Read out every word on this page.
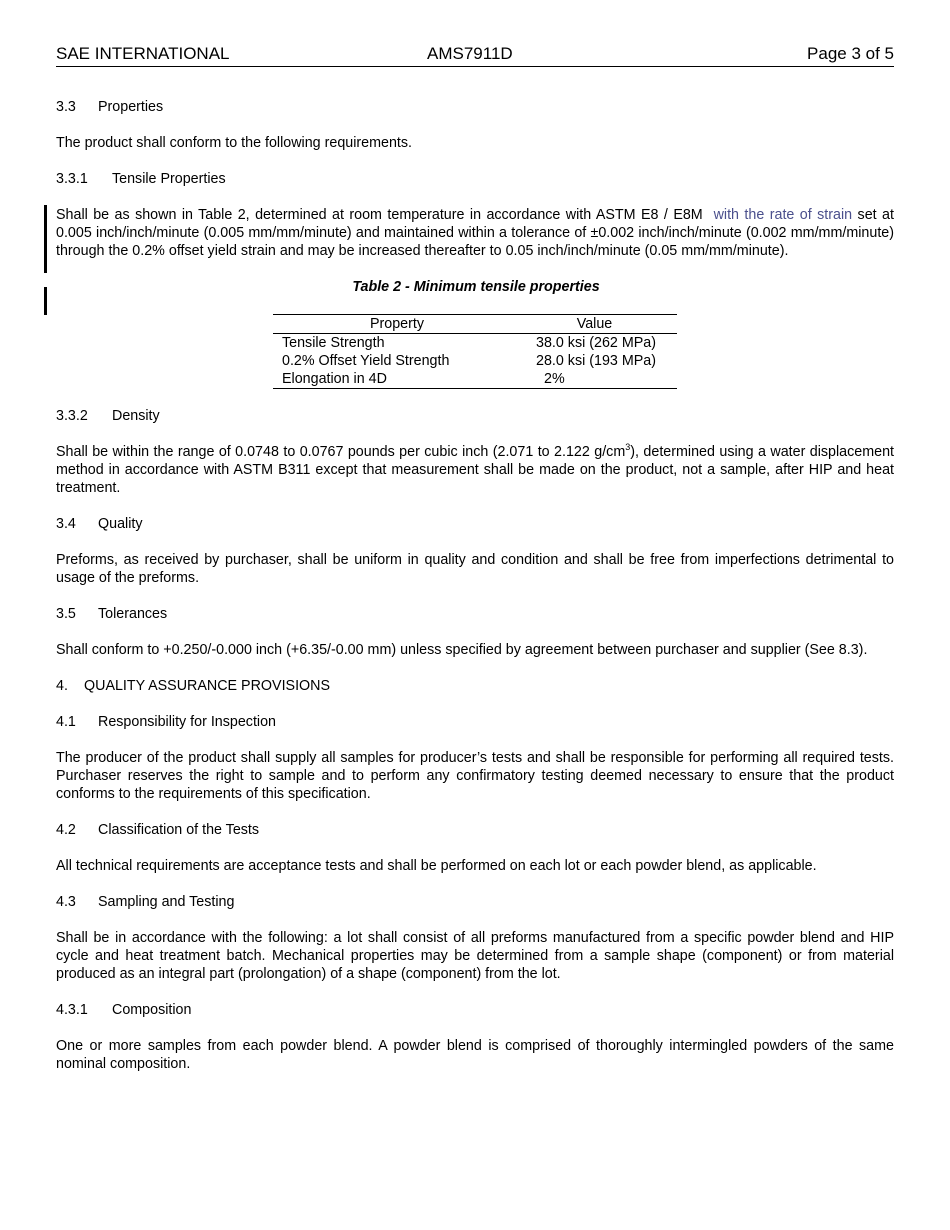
SAE INTERNATIONAL	AMS7911D	Page 3 of 5
3.3 Properties

The product shall conform to the following requirements.

3.3.1 Tensile Properties

Shall be as shown in Table 2, determined at room temperature in accordance with ASTM E8 / E8M with the rate of strain set at 0.005 inch/inch/minute (0.005 mm/mm/minute) and maintained within a tolerance of ±0.002 inch/inch/minute (0.002 mm/mm/minute) through the 0.2% offset yield strain and may be increased thereafter to 0.05 inch/inch/minute (0.05 mm/mm/minute).

Table 2 - Minimum tensile properties
Property	Value
Tensile Strength	38.0 ksi (262 MPa)
0.2% Offset Yield Strength	28.0 ksi (193 MPa)
Elongation in 4D	2%
3.3.2 Density

Shall be within the range of 0.0748 to 0.0767 pounds per cubic inch (2.071 to 2.122 $g/cm^3$), determined using a water displacement method in accordance with ASTM B311 except that measurement shall be made on the product, not a sample, after HIP and heat treatment.

3.4 Quality

Preforms, as received by purchaser, shall be uniform in quality and condition and shall be free from imperfections detrimental to usage of the preforms.

3.5 Tolerances

Shall conform to +0.250/-0.000 inch (+6.35/-0.00 mm) unless specified by agreement between purchaser and supplier (See 8.3).

4. QUALITY ASSURANCE PROVISIONS
4.1 Responsibility for Inspection

The producer of the product shall supply all samples for producer’s tests and shall be responsible for performing all required tests. Purchaser reserves the right to sample and to perform any confirmatory testing deemed necessary to ensure that the product conforms to the requirements of this specification.

4.2 Classification of the Tests

All technical requirements are acceptance tests and shall be performed on each lot or each powder blend, as applicable.

4.3 Sampling and Testing

Shall be in accordance with the following: a lot shall consist of all preforms manufactured from a specific powder blend and HIP cycle and heat treatment batch. Mechanical properties may be determined from a sample shape (component) or from material produced as an integral part (prolongation) of a shape (component) from the lot.

4.3.1 Composition

One or more samples from each powder blend. A powder blend is comprised of thoroughly intermingled powders of the same nominal composition.
